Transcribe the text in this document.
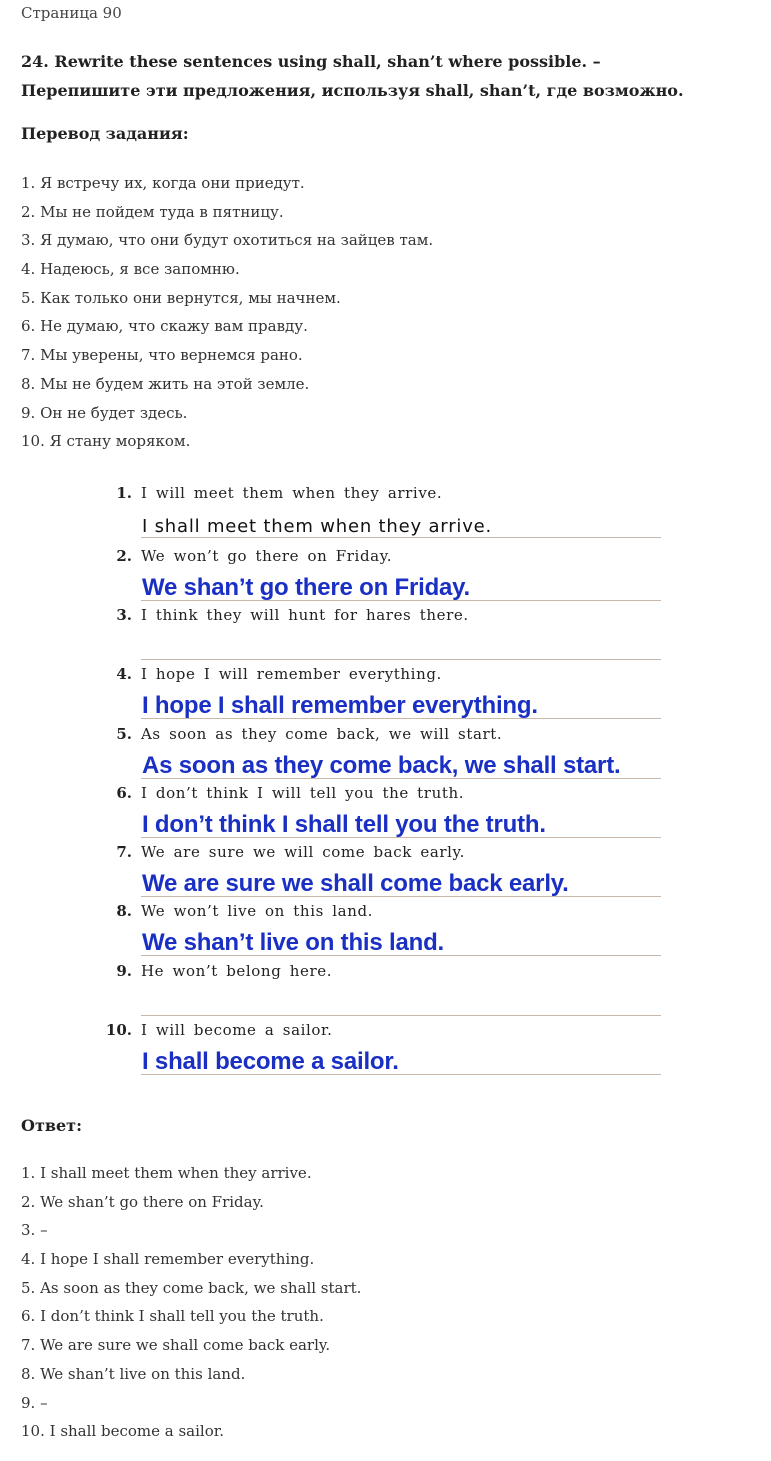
Страница 90
24. Rewrite these sentences using shall, shan’t where possible. –
Перепишите эти предложения, используя shall, shan’t, где возможно.
Перевод задания:
1. Я встречу их, когда они приедут.
2. Мы не пойдем туда в пятницу.
3. Я думаю, что они будут охотиться на зайцев там.
4. Надеюсь, я все запомню.
5. Как только они вернутся, мы начнем.
6. Не думаю, что скажу вам правду.
7. Мы уверены, что вернемся рано.
8. Мы не будем жить на этой земле.
9. Он не будет здесь.
10. Я стану моряком.
1. I will meet them when they arrive.
I shall meet them when they arrive.
2. We won’t go there on Friday.
We shan’t go there on Friday.
3. I think they will hunt for hares there.
4. I hope I will remember everything.
I hope I shall remember everything.
5. As soon as they come back, we will start.
As soon as they come back, we shall start.
6. I don’t think I will tell you the truth.
I don’t think I shall tell you the truth.
7. We are sure we will come back early.
We are sure we shall come back early.
8. We won’t live on this land.
We shan’t live on this land.
9. He won’t belong here.
10. I will become a sailor.
I shall become a sailor.
Ответ:
1. I shall meet them when they arrive.
2. We shan’t go there on Friday.
3. –
4. I hope I shall remember everything.
5. As soon as they come back, we shall start.
6. I don’t think I shall tell you the truth.
7. We are sure we shall come back early.
8. We shan’t live on this land.
9. –
10. I shall become a sailor.
